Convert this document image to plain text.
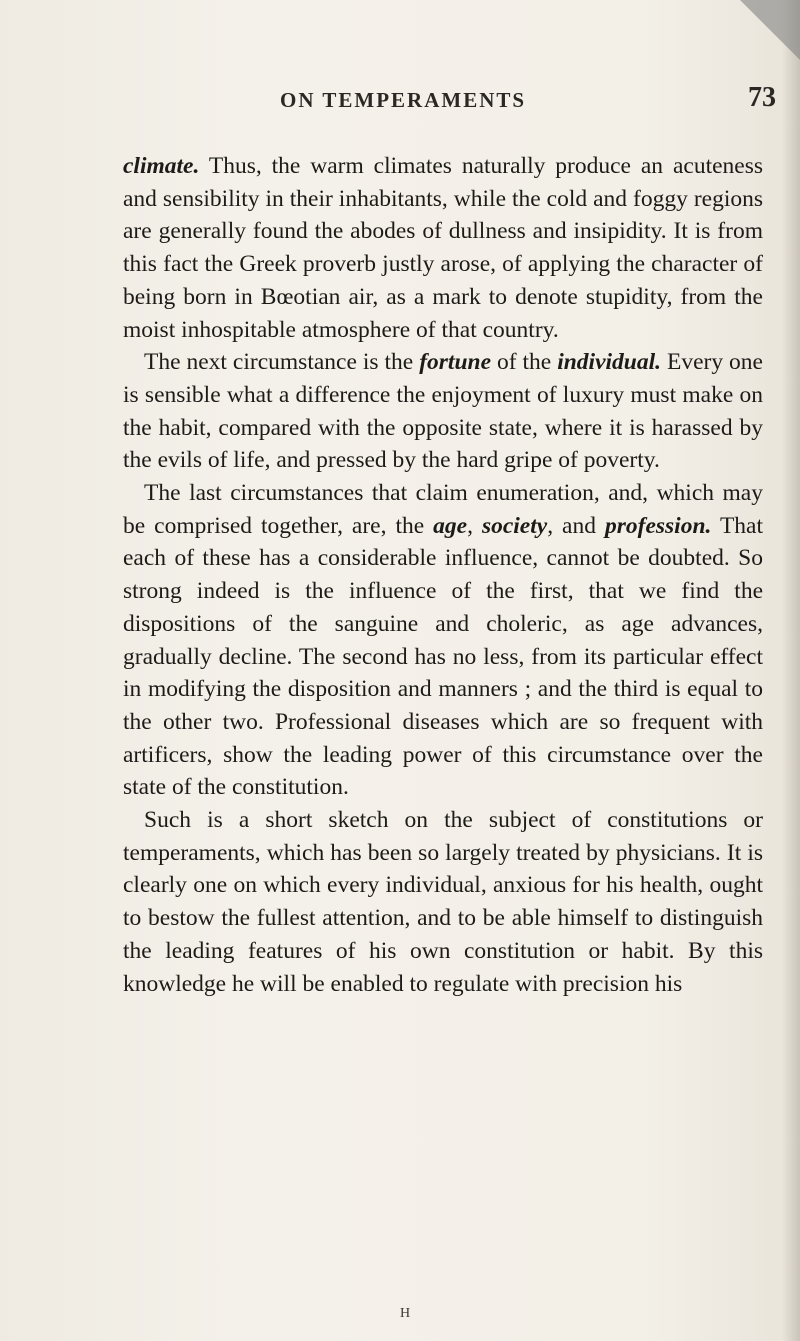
ON TEMPERAMENTS	73

climate. Thus, the warm climates naturally produce an acuteness and sensibility in their inhabitants, while the cold and foggy regions are generally found the abodes of dullness and insipidity. It is from this fact the Greek proverb justly arose, of applying the character of being born in Bœotian air, as a mark to denote stupidity, from the moist inhospitable atmosphere of that country.

The next circumstance is the fortune of the individual. Every one is sensible what a difference the enjoyment of luxury must make on the habit, compared with the opposite state, where it is harassed by the evils of life, and pressed by the hard gripe of poverty.

The last circumstances that claim enumeration, and, which may be comprised together, are, the age, society, and profession. That each of these has a considerable influence, cannot be doubted. So strong indeed is the influence of the first, that we find the dispositions of the sanguine and choleric, as age advances, gradually decline. The second has no less, from its particular effect in modifying the disposition and manners ; and the third is equal to the other two. Professional diseases which are so frequent with artificers, show the leading power of this circumstance over the state of the constitution.

Such is a short sketch on the subject of constitutions or temperaments, which has been so largely treated by physicians. It is clearly one on which every individual, anxious for his health, ought to bestow the fullest attention, and to be able himself to distinguish the leading features of his own constitution or habit. By this knowledge he will be enabled to regulate with precision his

H
